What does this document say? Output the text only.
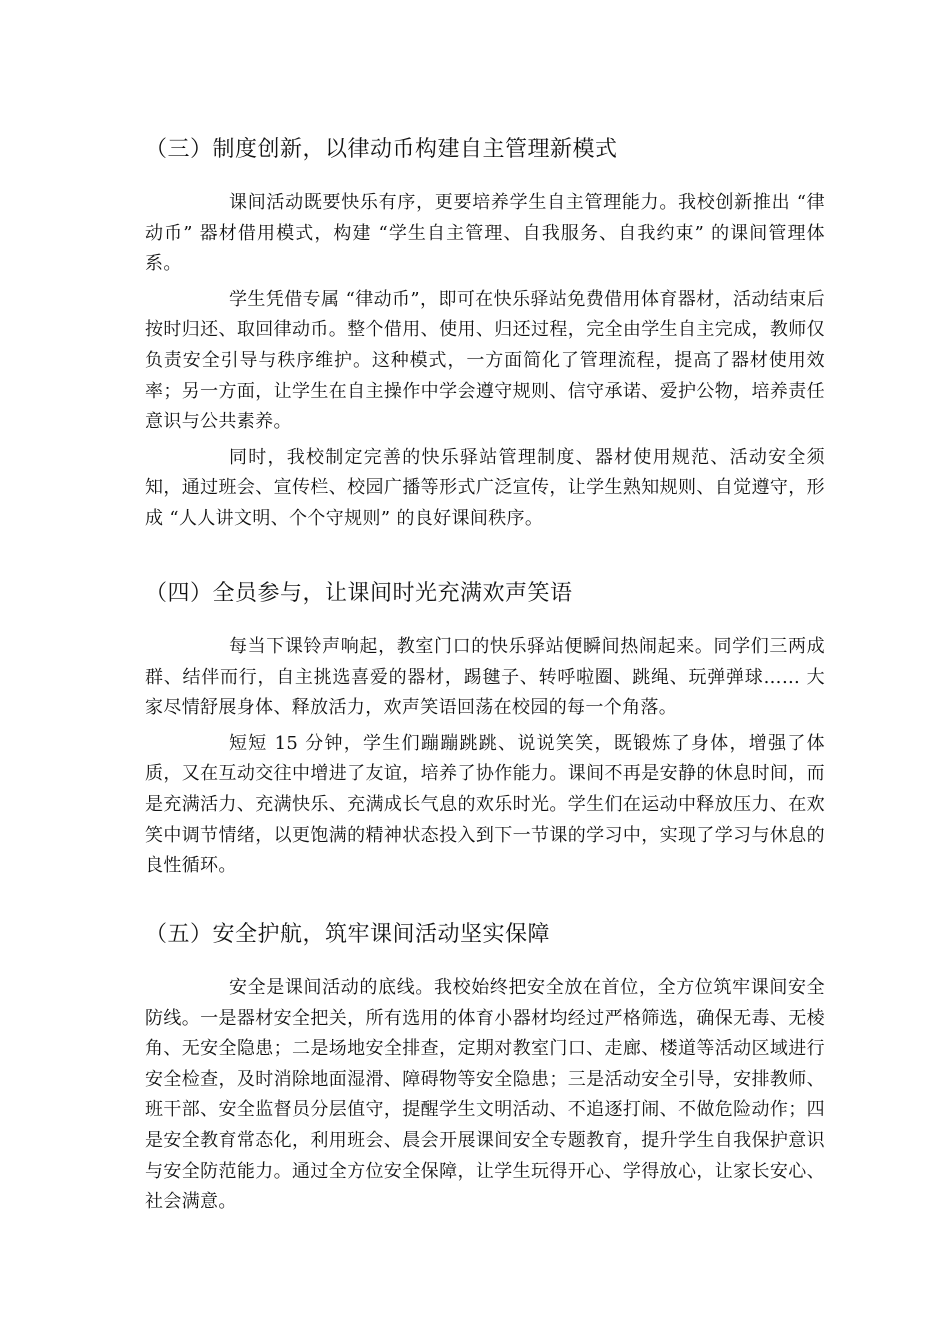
（三）制度创新，以律动币构建自主管理新模式

课间活动既要快乐有序，更要培养学生自主管理能力。我校创新推出 “律动币” 器材借用模式，构建 “学生自主管理、自我服务、自我约束” 的课间管理体系。

学生凭借专属 “律动币”，即可在快乐驿站免费借用体育器材，活动结束后按时归还、取回律动币。整个借用、使用、归还过程，完全由学生自主完成，教师仅负责安全引导与秩序维护。这种模式，一方面简化了管理流程，提高了器材使用效率；另一方面，让学生在自主操作中学会遵守规则、信守承诺、爱护公物，培养责任意识与公共素养。

同时，我校制定完善的快乐驿站管理制度、器材使用规范、活动安全须知，通过班会、宣传栏、校园广播等形式广泛宣传，让学生熟知规则、自觉遵守，形成 “人人讲文明、个个守规则” 的良好课间秩序。

（四）全员参与，让课间时光充满欢声笑语

每当下课铃声响起，教室门口的快乐驿站便瞬间热闹起来。同学们三两成群、结伴而行，自主挑选喜爱的器材，踢毽子、转呼啦圈、跳绳、玩弹弹球…… 大家尽情舒展身体、释放活力，欢声笑语回荡在校园的每一个角落。

短短 15 分钟，学生们蹦蹦跳跳、说说笑笑，既锻炼了身体，增强了体质，又在互动交往中增进了友谊，培养了协作能力。课间不再是安静的休息时间，而是充满活力、充满快乐、充满成长气息的欢乐时光。学生们在运动中释放压力、在欢笑中调节情绪，以更饱满的精神状态投入到下一节课的学习中，实现了学习与休息的良性循环。

（五）安全护航，筑牢课间活动坚实保障

安全是课间活动的底线。我校始终把安全放在首位，全方位筑牢课间安全防线。一是器材安全把关，所有选用的体育小器材均经过严格筛选，确保无毒、无棱角、无安全隐患；二是场地安全排查，定期对教室门口、走廊、楼道等活动区域进行安全检查，及时消除地面湿滑、障碍物等安全隐患；三是活动安全引导，安排教师、班干部、安全监督员分层值守，提醒学生文明活动、不追逐打闹、不做危险动作；四是安全教育常态化，利用班会、晨会开展课间安全专题教育，提升学生自我保护意识与安全防范能力。通过全方位安全保障，让学生玩得开心、学得放心，让家长安心、社会满意。
